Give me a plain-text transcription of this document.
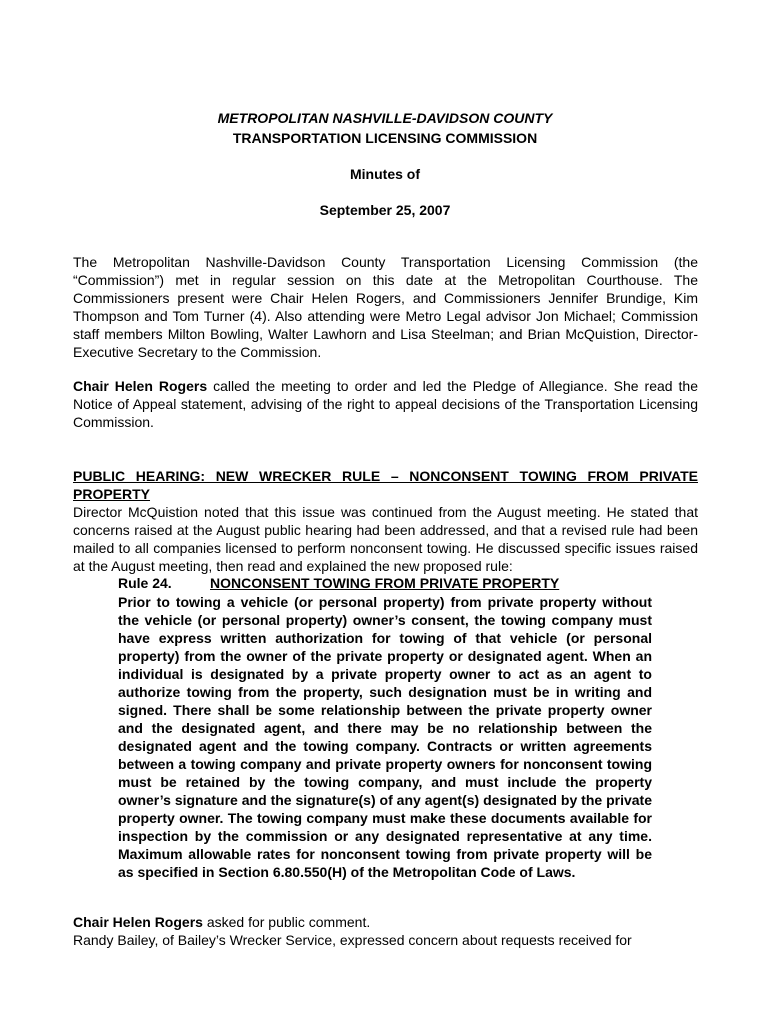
METROPOLITAN NASHVILLE-DAVIDSON COUNTY
TRANSPORTATION LICENSING COMMISSION
Minutes of
September 25, 2007
The Metropolitan Nashville-Davidson County Transportation Licensing Commission (the “Commission”) met in regular session on this date at the Metropolitan Courthouse. The Commissioners present were Chair Helen Rogers, and Commissioners Jennifer Brundige, Kim Thompson and Tom Turner (4). Also attending were Metro Legal advisor Jon Michael; Commission staff members Milton Bowling, Walter Lawhorn and Lisa Steelman; and Brian McQuistion, Director-Executive Secretary to the Commission.
Chair Helen Rogers called the meeting to order and led the Pledge of Allegiance. She read the Notice of Appeal statement, advising of the right to appeal decisions of the Transportation Licensing Commission.
PUBLIC HEARING: NEW WRECKER RULE – NONCONSENT TOWING FROM PRIVATE PROPERTY
Director McQuistion noted that this issue was continued from the August meeting. He stated that concerns raised at the August public hearing had been addressed, and that a revised rule had been mailed to all companies licensed to perform nonconsent towing. He discussed specific issues raised at the August meeting, then read and explained the new proposed rule:
Rule 24.	NONCONSENT TOWING FROM PRIVATE PROPERTY
Prior to towing a vehicle (or personal property) from private property without the vehicle (or personal property) owner’s consent, the towing company must have express written authorization for towing of that vehicle (or personal property) from the owner of the private property or designated agent. When an individual is designated by a private property owner to act as an agent to authorize towing from the property, such designation must be in writing and signed. There shall be some relationship between the private property owner and the designated agent, and there may be no relationship between the designated agent and the towing company. Contracts or written agreements between a towing company and private property owners for nonconsent towing must be retained by the towing company, and must include the property owner’s signature and the signature(s) of any agent(s) designated by the private property owner. The towing company must make these documents available for inspection by the commission or any designated representative at any time. Maximum allowable rates for nonconsent towing from private property will be as specified in Section 6.80.550(H) of the Metropolitan Code of Laws.
Chair Helen Rogers asked for public comment.
Randy Bailey, of Bailey’s Wrecker Service, expressed concern about requests received for
